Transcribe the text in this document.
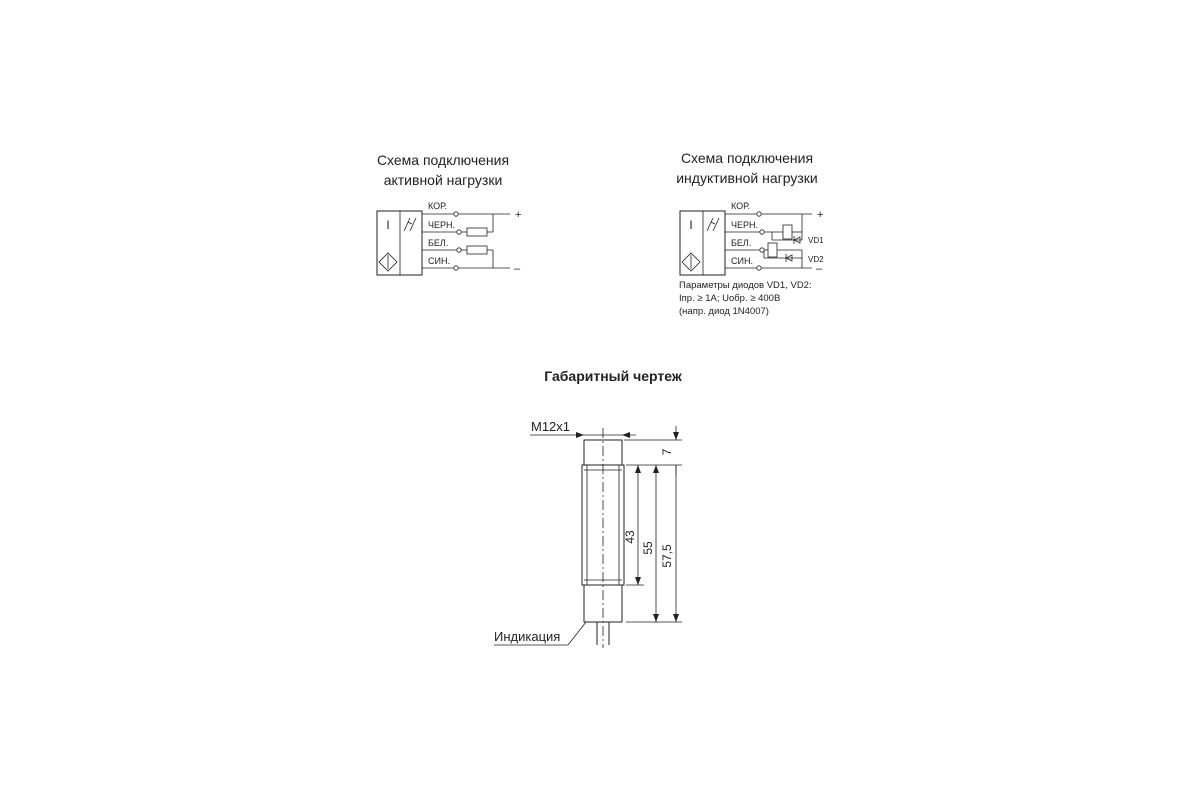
Схема подключения
активной нагрузки
I
КОР.
ЧЕРН.
БЕЛ.
СИН.
+
–
Схема подключения
индуктивной нагрузки
I
КОР.
ЧЕРН.
БЕЛ.
СИН.
VD1
VD2
+
–
Параметры диодов VD1, VD2:
Iпр. ≥ 1А; Uобр. ≥ 400В
(напр. диод 1N4007)
Габаритный чертеж
М12х1
7
43
55 57,5
Индикация
